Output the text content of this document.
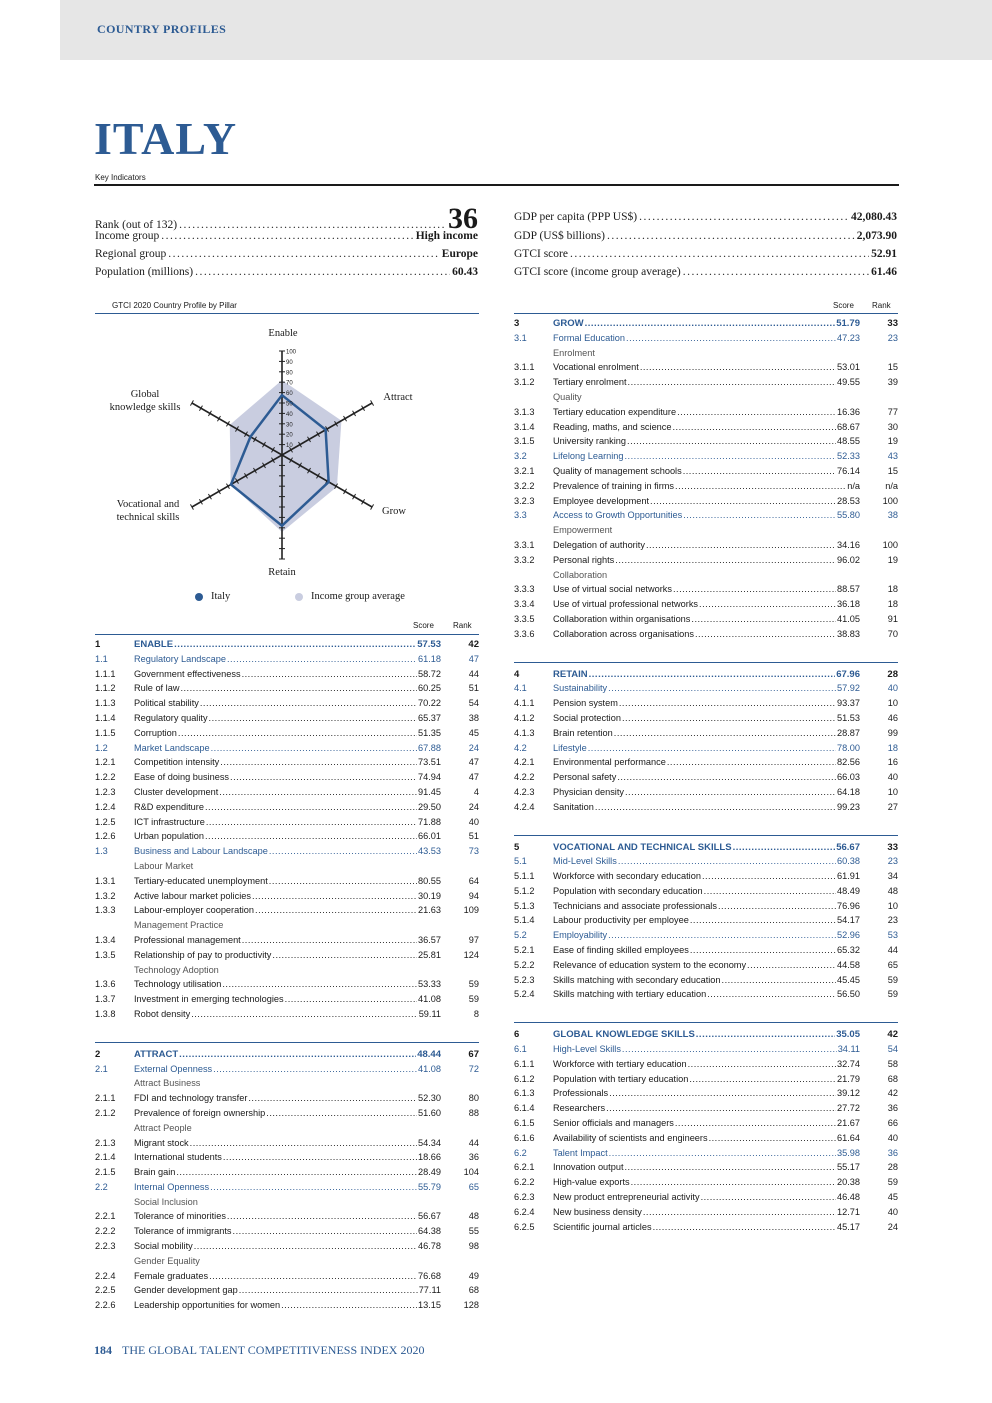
COUNTRY PROFILES
ITALY
Key Indicators
Rank (out of 132) .....	36
Income group .....	High income
Regional group .....	Europe
Population (millions) .....	60.43
GDP per capita (PPP US$) .....	42,080.43
GDP (US$ billions) .....	2,073.90
GTCI score .....	52.91
GTCI score (income group average) .....	61.46
GTCI 2020 Country Profile by Pillar
100
90
80
70
60
50
40
30
20
10
Enable
Attract
Grow
Retain
Vocational and
technical skills
Global
knowledge skills
Italy	Income group average
Score Rank
Score Rank
1	ENABLE .....	57.53	42
1.1	Regulatory Landscape .....	61.18	47
1.1.1	Government effectiveness .....	58.72	44
1.1.2	Rule of law .....	60.25	51
1.1.3	Political stability .....	70.22	54
1.1.4	Regulatory quality .....	65.37	38
1.1.5	Corruption .....	51.35	45
1.2	Market Landscape .....	67.88	24
1.2.1	Competition intensity .....	73.51	47
1.2.2	Ease of doing business .....	74.94	47
1.2.3	Cluster development .....	91.45	4
1.2.4	R&D expenditure .....	29.50	24
1.2.5	ICT infrastructure .....	71.88	40
1.2.6	Urban population .....	66.01	51
1.3	Business and Labour Landscape .....	43.53	73
Labour Market
1.3.1	Tertiary-educated unemployment .....	80.55	64
1.3.2	Active labour market policies .....	30.19	94
1.3.3	Labour-employer cooperation .....	21.63	109
Management Practice
1.3.4	Professional management .....	36.57	97
1.3.5	Relationship of pay to productivity .....	25.81	124
Technology Adoption
1.3.6	Technology utilisation .....	53.33	59
1.3.7	Investment in emerging technologies .....	41.08	59
1.3.8	Robot density .....	59.11	8
2	ATTRACT .....	48.44	67
2.1	External Openness .....	41.08	72
Attract Business
2.1.1	FDI and technology transfer .....	52.30	80
2.1.2	Prevalence of foreign ownership .....	51.60	88
Attract People
2.1.3	Migrant stock .....	54.34	44
2.1.4	International students .....	18.66	36
2.1.5	Brain gain .....	28.49	104
2.2	Internal Openness .....	55.79	65
Social Inclusion
2.2.1	Tolerance of minorities .....	56.67	48
2.2.2	Tolerance of immigrants .....	64.38	55
2.2.3	Social mobility .....	46.78	98
Gender Equality
2.2.4	Female graduates .....	76.68	49
2.2.5	Gender development gap .....	77.11	68
2.2.6	Leadership opportunities for women .....	13.15	128
3	GROW .....	51.79	33
3.1	Formal Education .....	47.23	23
Enrolment
3.1.1	Vocational enrolment .....	53.01	15
3.1.2	Tertiary enrolment .....	49.55	39
Quality
3.1.3	Tertiary education expenditure .....	16.36	77
3.1.4	Reading, maths, and science .....	68.67	30
3.1.5	University ranking .....	48.55	19
3.2	Lifelong Learning .....	52.33	43
3.2.1	Quality of management schools .....	76.14	15
3.2.2	Prevalence of training in firms .....	n/a	n/a
3.2.3	Employee development .....	28.53	100
3.3	Access to Growth Opportunities .....	55.80	38
Empowerment
3.3.1	Delegation of authority .....	34.16	100
3.3.2	Personal rights .....	96.02	19
Collaboration
3.3.3	Use of virtual social networks .....	88.57	18
3.3.4	Use of virtual professional networks .....	36.18	18
3.3.5	Collaboration within organisations .....	41.05	91
3.3.6	Collaboration across organisations .....	38.83	70
4	RETAIN .....	67.96	28
4.1	Sustainability .....	57.92	40
4.1.1	Pension system .....	93.37	10
4.1.2	Social protection .....	51.53	46
4.1.3	Brain retention .....	28.87	99
4.2	Lifestyle .....	78.00	18
4.2.1	Environmental performance .....	82.56	16
4.2.2	Personal safety .....	66.03	40
4.2.3	Physician density .....	64.18	10
4.2.4	Sanitation .....	99.23	27
5	VOCATIONAL AND TECHNICAL SKILLS .....	56.67	33
5.1	Mid-Level Skills .....	60.38	23
5.1.1	Workforce with secondary education .....	61.91	34
5.1.2	Population with secondary education .....	48.49	48
5.1.3	Technicians and associate professionals .....	76.96	10
5.1.4	Labour productivity per employee .....	54.17	23
5.2	Employability .....	52.96	53
5.2.1	Ease of finding skilled employees .....	65.32	44
5.2.2	Relevance of education system to the economy .....	44.58	65
5.2.3	Skills matching with secondary education .....	45.45	59
5.2.4	Skills matching with tertiary education .....	56.50	59
6	GLOBAL KNOWLEDGE SKILLS .....	35.05	42
6.1	High-Level Skills .....	34.11	54
6.1.1	Workforce with tertiary education .....	32.74	58
6.1.2	Population with tertiary education .....	21.79	68
6.1.3	Professionals .....	39.12	42
6.1.4	Researchers .....	27.72	36
6.1.5	Senior officials and managers .....	21.67	66
6.1.6	Availability of scientists and engineers .....	61.64	40
6.2	Talent Impact .....	35.98	36
6.2.1	Innovation output .....	55.17	28
6.2.2	High-value exports .....	20.38	59
6.2.3	New product entrepreneurial activity .....	46.48	45
6.2.4	New business density .....	12.71	40
6.2.5	Scientific journal articles .....	45.17	24
184 THE GLOBAL TALENT COMPETITIVENESS INDEX 2020
